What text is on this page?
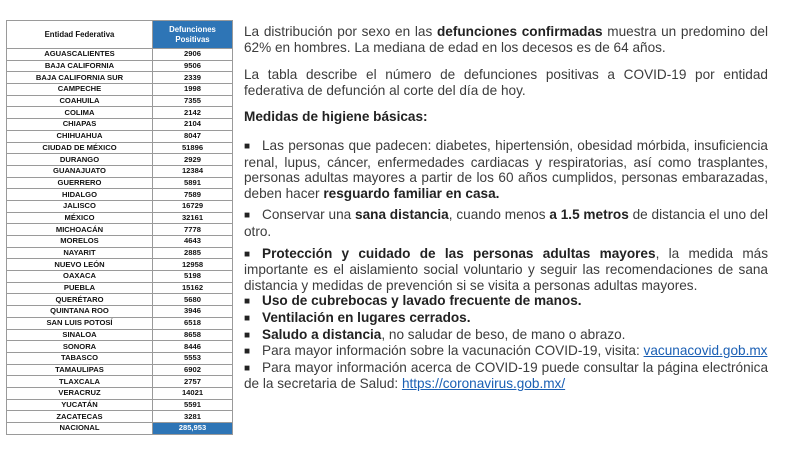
Entidad Federativa	Defunciones Positivas
AGUASCALIENTES	2906
BAJA CALIFORNIA	9506
BAJA CALIFORNIA SUR	2339
CAMPECHE	1998
COAHUILA	7355
COLIMA	2142
CHIAPAS	2104
CHIHUAHUA	8047
CIUDAD DE MÉXICO	51896
DURANGO	2929
GUANAJUATO	12384
GUERRERO	5891
HIDALGO	7589
JALISCO	16729
MÉXICO	32161
MICHOACÁN	7778
MORELOS	4643
NAYARIT	2885
NUEVO LEÓN	12958
OAXACA	5198
PUEBLA	15162
QUERÉTARO	5680
QUINTANA ROO	3946
SAN LUIS POTOSÍ	6518
SINALOA	8658
SONORA	8446
TABASCO	5553
TAMAULIPAS	6902
TLAXCALA	2757
VERACRUZ	14021
YUCATÁN	5591
ZACATECAS	3281
NACIONAL	285,953

La distribución por sexo en las defunciones confirmadas muestra un predomino del 62% en hombres. La mediana de edad en los decesos es de 64 años.

La tabla describe el número de defunciones positivas a COVID-19 por entidad federativa de defunción al corte del día de hoy.

Medidas de higiene básicas:

■ Las personas que padecen: diabetes, hipertensión, obesidad mórbida, insuficiencia renal, lupus, cáncer, enfermedades cardiacas y respiratorias, así como trasplantes, personas adultas mayores a partir de los 60 años cumplidos, personas embarazadas, deben hacer resguardo familiar en casa.

■ Conservar una sana distancia, cuando menos a 1.5 metros de distancia el uno del otro.

■ Protección y cuidado de las personas adultas mayores, la medida más importante es el aislamiento social voluntario y seguir las recomendaciones de sana distancia y medidas de prevención si se visita a personas adultas mayores.

■ Uso de cubrebocas y lavado frecuente de manos.

■ Ventilación en lugares cerrados.

■ Saludo a distancia, no saludar de beso, de mano o abrazo.

■ Para mayor información sobre la vacunación COVID-19, visita: vacunacovid.gob.mx

■ Para mayor información acerca de COVID-19 puede consultar la página electrónica de la secretaria de Salud: https://coronavirus.gob.mx/
